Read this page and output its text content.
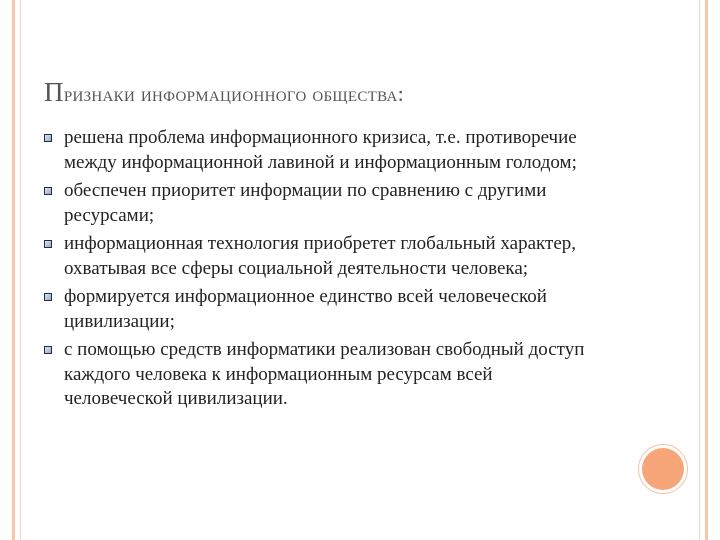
Признаки информационного общества:
решена проблема информационного кризиса, т.е. противоречие между информационной лавиной и информационным голодом;
обеспечен приоритет информации по сравнению с другими ресурсами;
информационная технология приобретет глобальный характер, охватывая все сферы социальной деятельности человека;
формируется информационное единство всей человеческой цивилизации;
с помощью средств информатики реализован свободный доступ каждого человека к информационным ресурсам всей человеческой цивилизации.
